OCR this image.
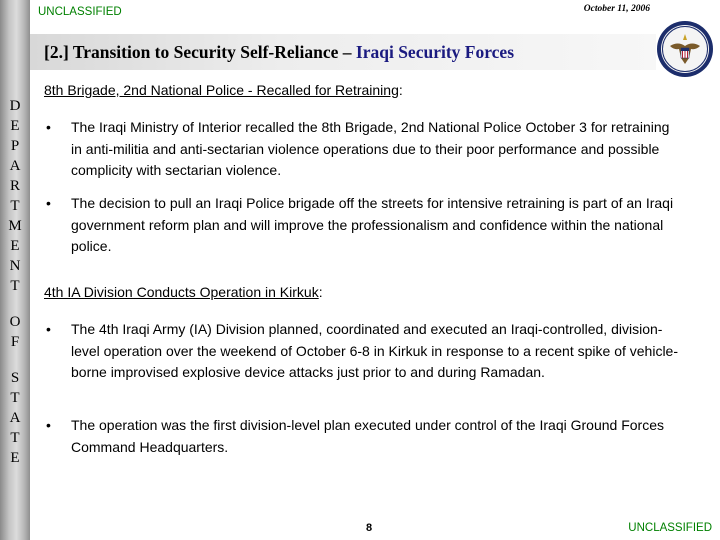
D
E
P
A
R
T
M
E
N
T
O
F
S
T
A
T
E
UNCLASSIFIED	October 11, 2006
[2.] Transition to Security Self-Reliance – Iraqi Security Forces
8th Brigade, 2nd National Police - Recalled for Retraining:
• The Iraqi Ministry of Interior recalled the 8th Brigade, 2nd National Police October 3 for retraining in anti-militia and anti-sectarian violence operations due to their poor performance and possible complicity with sectarian violence.
• The decision to pull an Iraqi Police brigade off the streets for intensive retraining is part of an Iraqi government reform plan and will improve the professionalism and confidence within the national police.
4th IA Division Conducts Operation in Kirkuk:
• The 4th Iraqi Army (IA) Division planned, coordinated and executed an Iraqi-controlled, division-level operation over the weekend of October 6-8 in Kirkuk in response to a recent spike of vehicle-borne improvised explosive device attacks just prior to and during Ramadan.
• The operation was the first division-level plan executed under control of the Iraqi Ground Forces Command Headquarters.
8	UNCLASSIFIED
